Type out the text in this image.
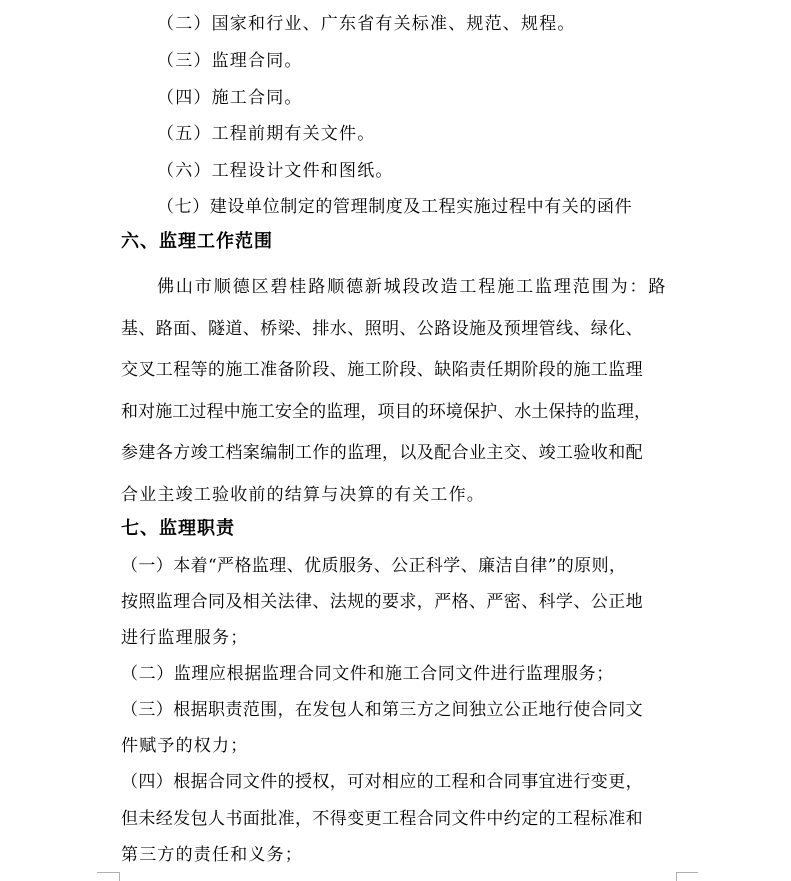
（二）国家和行业、广东省有关标准、规范、规程。
（三）监理合同。
（四）施工合同。
（五）工程前期有关文件。
（六）工程设计文件和图纸。
（七）建设单位制定的管理制度及工程实施过程中有关的函件
六、监理工作范围
佛山市顺德区碧桂路顺德新城段改造工程施工监理范围为：路
基、路面、隧道、桥梁、排水、照明、公路设施及预埋管线、绿化、
交叉工程等的施工准备阶段、施工阶段、缺陷责任期阶段的施工监理
和对施工过程中施工安全的监理，项目的环境保护、水土保持的监理，
参建各方竣工档案编制工作的监理，以及配合业主交、竣工验收和配
合业主竣工验收前的结算与决算的有关工作。
七、监理职责
（一）本着“严格监理、优质服务、公正科学、廉洁自律”的原则，
按照监理合同及相关法律、法规的要求，严格、严密、科学、公正地
进行监理服务；
（二）监理应根据监理合同文件和施工合同文件进行监理服务；
（三）根据职责范围，在发包人和第三方之间独立公正地行使合同文
件赋予的权力；
（四）根据合同文件的授权，可对相应的工程和合同事宜进行变更，
但未经发包人书面批准，不得变更工程合同文件中约定的工程标准和
第三方的责任和义务；
